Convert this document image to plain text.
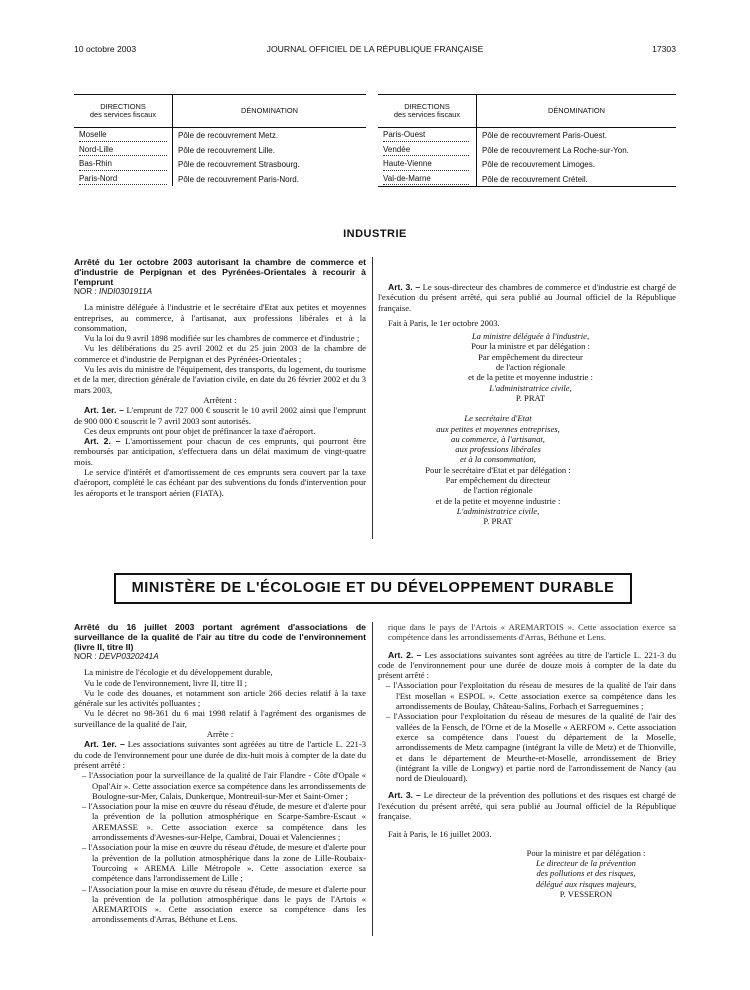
10 octobre 2003	JOURNAL OFFICIEL DE LA RÉPUBLIQUE FRANÇAISE	17303
DIRECTIONS
des services fiscaux	DÉNOMINATION
Moselle	Pôle de recouvrement Metz.
Nord-Lille	Pôle de recouvrement Lille.
Bas-Rhin	Pôle de recouvrement Strasbourg.
Paris-Nord	Pôle de recouvrement Paris-Nord.
DIRECTIONS
des services fiscaux	DÉNOMINATION
Paris-Ouest	Pôle de recouvrement Paris-Ouest.
Vendée	Pôle de recouvrement La Roche-sur-Yon.
Haute-Vienne	Pôle de recouvrement Limoges.
Val-de-Marne	Pôle de recouvrement Créteil.
INDUSTRIE

Arrêté du 1er octobre 2003 autorisant la chambre de commerce et d'industrie de Perpignan et des Pyrénées-Orientales à recourir à l'emprunt

NOR : INDI0301911A

La ministre déléguée à l'industrie et le secrétaire d'Etat aux petites et moyennes entreprises, au commerce, à l'artisanat, aux professions libérales et à la consommation,

Vu la loi du 9 avril 1898 modifiée sur les chambres de commerce et d'industrie ;

Vu les délibérations du 25 avril 2002 et du 25 juin 2003 de la chambre de commerce et d'industrie de Perpignan et des Pyrénées-Orientales ;

Vu les avis du ministre de l'équipement, des transports, du logement, du tourisme et de la mer, direction générale de l'aviation civile, en date du 26 février 2002 et du 3 mars 2003,

Arrêtent :

Art. 1er. – L'emprunt de 727 000 € souscrit le 10 avril 2002 ainsi que l'emprunt de 900 000 € souscrit le 7 avril 2003 sont autorisés.

Ces deux emprunts ont pour objet de préfinancer la taxe d'aéroport.

Art. 2. – L'amortissement pour chacun de ces emprunts, qui pourront être remboursés par anticipation, s'effectuera dans un délai maximum de vingt-quatre mois.

Le service d'intérêt et d'amortissement de ces emprunts sera couvert par la taxe d'aéroport, complété le cas échéant par des subventions du fonds d'intervention pour les aéroports et le transport aérien (FIATA).

Art. 3. – Le sous-directeur des chambres de commerce et d'industrie est chargé de l'exécution du présent arrêté, qui sera publié au Journal officiel de la République française.

Fait à Paris, le 1er octobre 2003.

La ministre déléguée à l'industrie,

Pour la ministre et par délégation :

Par empêchement du directeur

de l'action régionale

et de la petite et moyenne industrie :

L'administratrice civile,

P. PRAT

Le secrétaire d'Etat

aux petites et moyennes entreprises,

au commerce, à l'artisanat,

aux professions libérales

et à la consommation,

Pour le secrétaire d'Etat et par délégation :

Par empêchement du directeur

de l'action régionale

et de la petite et moyenne industrie :

L'administratrice civile,

P. PRAT

MINISTÈRE DE L'ÉCOLOGIE ET DU DÉVELOPPEMENT DURABLE

Arrêté du 16 juillet 2003 portant agrément d'associations de surveillance de la qualité de l'air au titre du code de l'environnement (livre II, titre II)

NOR : DEVP0320241A

La ministre de l'écologie et du développement durable,

Vu le code de l'environnement, livre II, titre II ;

Vu le code des douanes, et notamment son article 266 decies relatif à la taxe générale sur les activités polluantes ;

Vu le décret no 98-361 du 6 mai 1998 relatif à l'agrément des organismes de surveillance de la qualité de l'air,

Arrête :

Art. 1er. – Les associations suivantes sont agréées au titre de l'article L. 221-3 du code de l'environnement pour une durée de dix-huit mois à compter de la date du présent arrêté :

– l'Association pour la surveillance de la qualité de l'air Flandre - Côte d'Opale « Opal'Air ». Cette association exerce sa compétence dans les arrondissements de Boulogne-sur-Mer, Calais, Dunkerque, Montreuil-sur-Mer et Saint-Omer ;

– l'Association pour la mise en œuvre du réseau d'étude, de mesure et d'alerte pour la prévention de la pollution atmosphérique en Scarpe-Sambre-Escaut « AREMASSE ». Cette association exerce sa compétence dans les arrondissements d'Avesnes-sur-Helpe, Cambrai, Douai et Valenciennes ;

– l'Association pour la mise en œuvre du réseau d'étude, de mesure et d'alerte pour la prévention de la pollution atmosphérique dans la zone de Lille-Roubaix-Tourcoing « AREMA Lille Métropole ». Cette association exerce sa compétence dans l'arrondissement de Lille ;

– l'Association pour la mise en œuvre du réseau d'étude, de mesure et d'alerte pour la prévention de la pollution atmosphérique dans le pays de l'Artois « AREMARTOIS ». Cette association exerce sa compétence dans les arrondissements d'Arras, Béthune et Lens.

rique dans le pays de l'Artois « AREMARTOIS ». Cette association exerce sa compétence dans les arrondissements d'Arras, Béthune et Lens.

Art. 2. – Les associations suivantes sont agréées au titre de l'article L. 221-3 du code de l'environnement pour une durée de douze mois à compter de la date du présent arrêté :

– l'Association pour l'exploitation du réseau de mesures de la qualité de l'air dans l'Est mosellan « ESPOL ». Cette association exerce sa compétence dans les arrondissements de Boulay, Château-Salins, Forbach et Sarreguemines ;

– l'Association pour l'exploitation du réseau de mesures de la qualité de l'air des vallées de la Fensch, de l'Orne et de la Moselle « AERFOM ». Cette association exerce sa compétence dans l'ouest du département de la Moselle, arrondissements de Metz campagne (intégrant la ville de Metz) et de Thionville, et dans le département de Meurthe-et-Moselle, arrondissement de Briey (intégrant la ville de Longwy) et partie nord de l'arrondissement de Nancy (au nord de Dieulouard).

Art. 3. – Le directeur de la prévention des pollutions et des risques est chargé de l'exécution du présent arrêté, qui sera publié au Journal officiel de la République française.

Fait à Paris, le 16 juillet 2003.

Pour la ministre et par délégation :

Le directeur de la prévention

des pollutions et des risques,

délégué aux risques majeurs,

P. VESSERON
